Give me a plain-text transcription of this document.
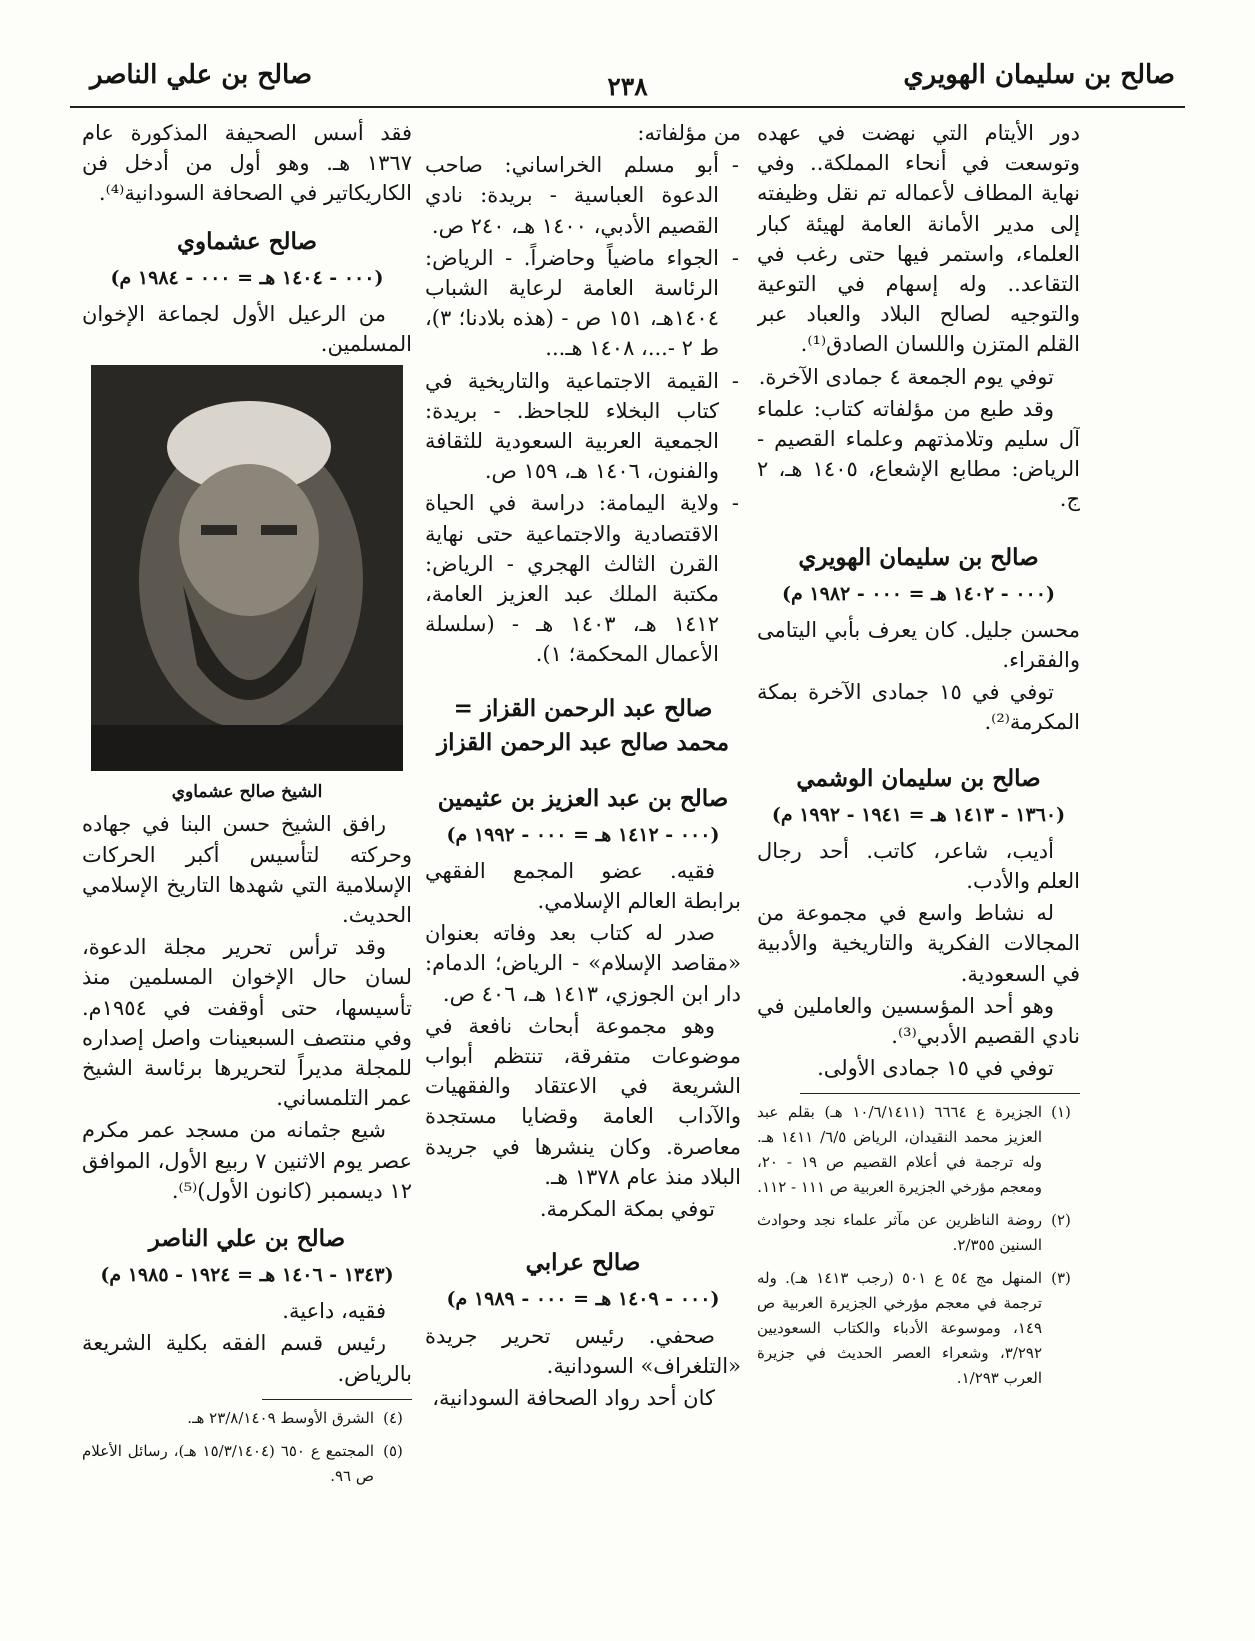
صالح بن سليمان الهويري
٢٣٨
صالح بن علي الناصر

دور الأيتام التي نهضت في عهده وتوسعت في أنحاء المملكة.. وفي نهاية المطاف لأعماله تم نقل وظيفته إلى مدير الأمانة العامة لهيئة كبار العلماء، واستمر فيها حتى رغب في التقاعد.. وله إسهام في التوعية والتوجيه لصالح البلاد والعباد عبر القلم المتزن واللسان الصادق⁽¹⁾.

توفي يوم الجمعة ٤ جمادى الآخرة.

وقد طبع من مؤلفاته كتاب: علماء آل سليم وتلامذتهم وعلماء القصيم - الرياض: مطابع الإشعاع، ١٤٠٥ هـ، ٢ ج.

صالح بن سليمان الهويري
(٠٠٠ - ١٤٠٢ هـ = ٠٠٠ - ١٩٨٢ م)

محسن جليل. كان يعرف بأبي اليتامى والفقراء.

توفي في ١٥ جمادى الآخرة بمكة المكرمة⁽²⁾.

صالح بن سليمان الوشمي
(١٣٦٠ - ١٤١٣ هـ = ١٩٤١ - ١٩٩٢ م)

أديب، شاعر، كاتب. أحد رجال العلم والأدب.

له نشاط واسع في مجموعة من المجالات الفكرية والتاريخية والأدبية في السعودية.

وهو أحد المؤسسين والعاملين في نادي القصيم الأدبي⁽³⁾.

توفي في ١٥ جمادى الأولى.

(١)
الجزيرة ع ٦٦٦٤ (١٠/٦/١٤١١ هـ) بقلم عبد العزيز محمد النقيدان، الرياض ٦/٥/ ١٤١١ هـ. وله ترجمة في أعلام القصيم ص ١٩ - ٢٠، ومعجم مؤرخي الجزيرة العربية ص ١١١ - ١١٢.
(٢)
روضة الناظرين عن مآثر علماء نجد وحوادث السنين ٢/٣٥٥.
(٣)
المنهل مج ٥٤ ع ٥٠١ (رجب ١٤١٣ هـ). وله ترجمة في معجم مؤرخي الجزيرة العربية ص ١٤٩، وموسوعة الأدباء والكتاب السعوديين ٣/٢٩٢، وشعراء العصر الحديث في جزيرة العرب ١/٢٩٣.

من مؤلفاته:

- أبو مسلم الخراساني: صاحب الدعوة العباسية - بريدة: نادي القصيم الأدبي، ١٤٠٠ هـ، ٢٤٠ ص.

- الجواء ماضياً وحاضراً. - الرياض: الرئاسة العامة لرعاية الشباب ١٤٠٤هـ، ١٥١ ص - (هذه بلادنا؛ ٣)، ط ٢ -...، ١٤٠٨ هـ...

- القيمة الاجتماعية والتاريخية في كتاب البخلاء للجاحظ. - بريدة: الجمعية العربية السعودية للثقافة والفنون، ١٤٠٦ هـ، ١٥٩ ص.

- ولاية اليمامة: دراسة في الحياة الاقتصادية والاجتماعية حتى نهاية القرن الثالث الهجري - الرياض: مكتبة الملك عبد العزيز العامة، ١٤١٢ هـ، ١٤٠٣ هـ - (سلسلة الأعمال المحكمة؛ ١).

صالح عبد الرحمن القزاز = محمد صالح عبد الرحمن القزاز
صالح بن عبد العزيز بن عثيمين
(٠٠٠ - ١٤١٢ هـ = ٠٠٠ - ١٩٩٢ م)

فقيه. عضو المجمع الفقهي برابطة العالم الإسلامي.

صدر له كتاب بعد وفاته بعنوان «مقاصد الإسلام» - الرياض؛ الدمام: دار ابن الجوزي، ١٤١٣ هـ، ٤٠٦ ص.

وهو مجموعة أبحاث نافعة في موضوعات متفرقة، تنتظم أبواب الشريعة في الاعتقاد والفقهيات والآداب العامة وقضايا مستجدة معاصرة. وكان ينشرها في جريدة البلاد منذ عام ١٣٧٨ هـ.

توفي بمكة المكرمة.

صالح عرابي
(٠٠٠ - ١٤٠٩ هـ = ٠٠٠ - ١٩٨٩ م)

صحفي. رئيس تحرير جريدة «التلغراف» السودانية.

كان أحد رواد الصحافة السودانية،

فقد أسس الصحيفة المذكورة عام ١٣٦٧ هـ. وهو أول من أدخل فن الكاريكاتير في الصحافة السودانية⁽⁴⁾.

صالح عشماوي
(٠٠٠ - ١٤٠٤ هـ = ٠٠٠ - ١٩٨٤ م)

من الرعيل الأول لجماعة الإخوان المسلمين.

الشيخ صالح عشماوي

رافق الشيخ حسن البنا في جهاده وحركته لتأسيس أكبر الحركات الإسلامية التي شهدها التاريخ الإسلامي الحديث.

وقد ترأس تحرير مجلة الدعوة، لسان حال الإخوان المسلمين منذ تأسيسها، حتى أوقفت في ١٩٥٤م. وفي منتصف السبعينات واصل إصداره للمجلة مديراً لتحريرها برئاسة الشيخ عمر التلمساني.

شيع جثمانه من مسجد عمر مكرم عصر يوم الاثنين ٧ ربيع الأول، الموافق ١٢ ديسمبر (كانون الأول)⁽⁵⁾.

صالح بن علي الناصر
(١٣٤٣ - ١٤٠٦ هـ = ١٩٢٤ - ١٩٨٥ م)

فقيه، داعية.

رئيس قسم الفقه بكلية الشريعة بالرياض.

(٤)
الشرق الأوسط ٢٣/٨/١٤٠٩ هـ.
(٥)
المجتمع ع ٦٥٠ (١٥/٣/١٤٠٤ هـ)، رسائل الأعلام ص ٩٦.
